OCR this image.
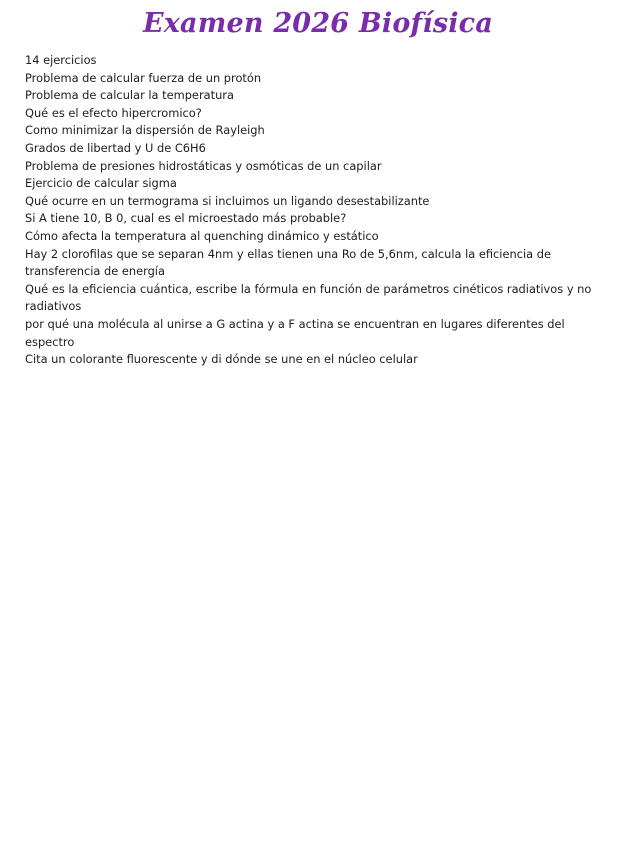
Examen 2026 Biofísica
14 ejercicios
Problema de calcular fuerza de un protón
Problema de calcular la temperatura
Qué es el efecto hipercromico?
Como minimizar la dispersión de Rayleigh
Grados de libertad y U de C6H6
Problema de presiones hidrostáticas y osmóticas de un capilar
Ejercicio de calcular sigma
Qué ocurre en un termograma si incluimos un ligando desestabilizante
Si A tiene 10, B 0, cual es el microestado más probable?
Cómo afecta la temperatura al quenching dinámico y estático
Hay 2 clorofilas que se separan 4nm y ellas tienen una Ro de 5,6nm, calcula la eficiencia de transferencia de energía
Qué es la eficiencia cuántica, escribe la fórmula en función de parámetros cinéticos radiativos y no radiativos
por qué una molécula al unirse a G actina y a F actina se encuentran en lugares diferentes del espectro
Cita un colorante fluorescente y di dónde se une en el núcleo celular
